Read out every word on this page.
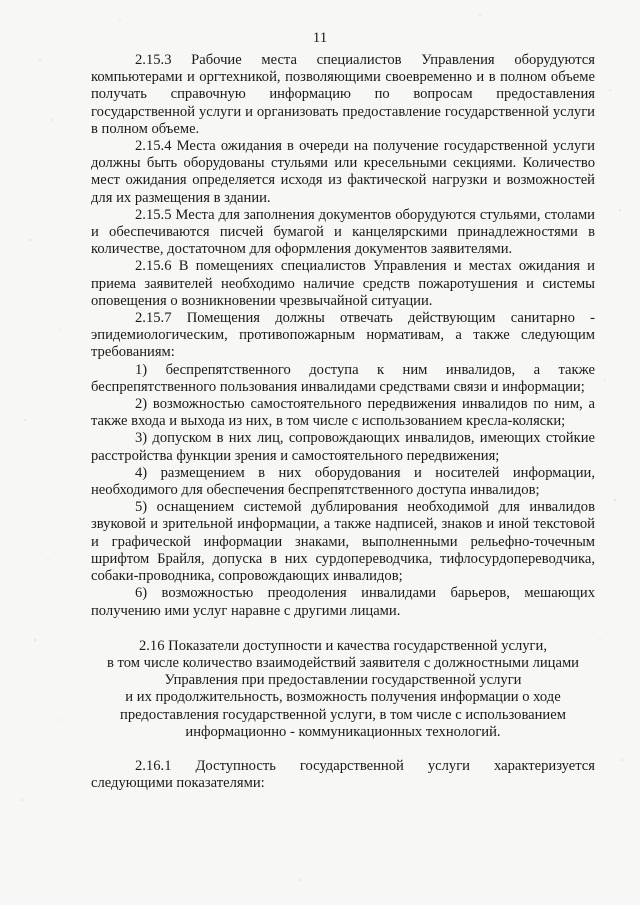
11

2.15.3 Рабочие места специалистов Управления оборудуются компьютерами и оргтехникой, позволяющими своевременно и в полном объеме получать справочную информацию по вопросам предоставления государственной услуги и организовать предоставление государственной услуги в полном объеме.

2.15.4 Места ожидания в очереди на получение государственной услуги должны быть оборудованы стульями или кресельными секциями. Количество мест ожидания определяется исходя из фактической нагрузки и возможностей для их размещения в здании.

2.15.5 Места для заполнения документов оборудуются стульями, столами и обеспечиваются писчей бумагой и канцелярскими принадлежностями в количестве, достаточном для оформления документов заявителями.

2.15.6 В помещениях специалистов Управления и местах ожидания и приема заявителей необходимо наличие средств пожаротушения и системы оповещения о возникновении чрезвычайной ситуации.

2.15.7 Помещения должны отвечать действующим санитарно - эпидемиологическим, противопожарным нормативам, а также следующим требованиям:

1) беспрепятственного доступа к ним инвалидов, а также беспрепятственного пользования инвалидами средствами связи и информации;

2) возможностью самостоятельного передвижения инвалидов по ним, а также входа и выхода из них, в том числе с использованием кресла-коляски;

3) допуском в них лиц, сопровождающих инвалидов, имеющих стойкие расстройства функции зрения и самостоятельного передвижения;

4) размещением в них оборудования и носителей информации, необходимого для обеспечения беспрепятственного доступа инвалидов;

5) оснащением системой дублирования необходимой для инвалидов звуковой и зрительной информации, а также надписей, знаков и иной текстовой и графической информации знаками, выполненными рельефно-точечным шрифтом Брайля, допуска в них сурдопереводчика, тифлосурдопереводчика, собаки-проводника, сопровождающих инвалидов;

6) возможностью преодоления инвалидами барьеров, мешающих получению ими услуг наравне с другими лицами.

2.16 Показатели доступности и качества государственной услуги,
в том числе количество взаимодействий заявителя с должностными лицами
Управления при предоставлении государственной услуги
и их продолжительность, возможность получения информации о ходе
предоставления государственной услуги, в том числе с использованием
информационно - коммуникационных технологий.

2.16.1 Доступность государственной услуги характеризуется следующими показателями:
